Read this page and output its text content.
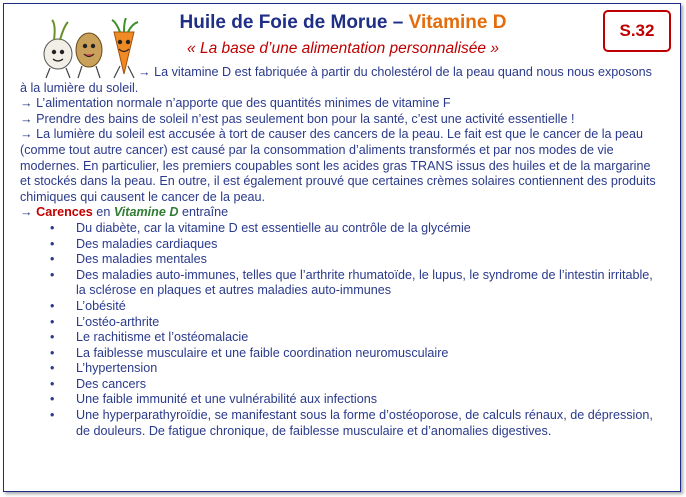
Huile de Foie de Morue – Vitamine D
« La base d’une alimentation personnalisée »
S.32

→ La vitamine D est fabriquée à partir du cholestérol de la peau quand nous nous exposons à la lumière du soleil.

→ L’alimentation normale n’apporte que des quantités minimes de vitamine F

→ Prendre des bains de soleil n’est pas seulement bon pour la santé, c’est une activité essentielle !

→ La lumière du soleil est accusée à tort de causer des cancers de la peau. Le fait est que le cancer de la peau (comme tout autre cancer) est causé par la consommation d’aliments transformés et par nos modes de vie modernes. En particulier, les premiers coupables sont les acides gras TRANS issus des huiles et de la margarine et stockés dans la peau. En outre, il est également prouvé que certaines crèmes solaires contiennent des produits chimiques qui causent le cancer de la peau.

→ Carences en Vitamine D entraîne

• Du diabète, car la vitamine D est essentielle au contrôle de la glycémie
• Des maladies cardiaques
• Des maladies mentales
• Des maladies auto-immunes, telles que l’arthrite rhumatoïde, le lupus, le syndrome de l’intestin irritable, la sclérose en plaques et autres maladies auto-immunes
• L’obésité
• L’ostéo-arthrite
• Le rachitisme et l’ostéomalacie
• La faiblesse musculaire et une faible coordination neuromusculaire
• L’hypertension
• Des cancers
• Une faible immunité et une vulnérabilité aux infections
• Une hyperparathyroïdie, se manifestant sous la forme d’ostéoporose, de calculs rénaux, de dépression, de douleurs. De fatigue chronique, de faiblesse musculaire et d’anomalies digestives.
